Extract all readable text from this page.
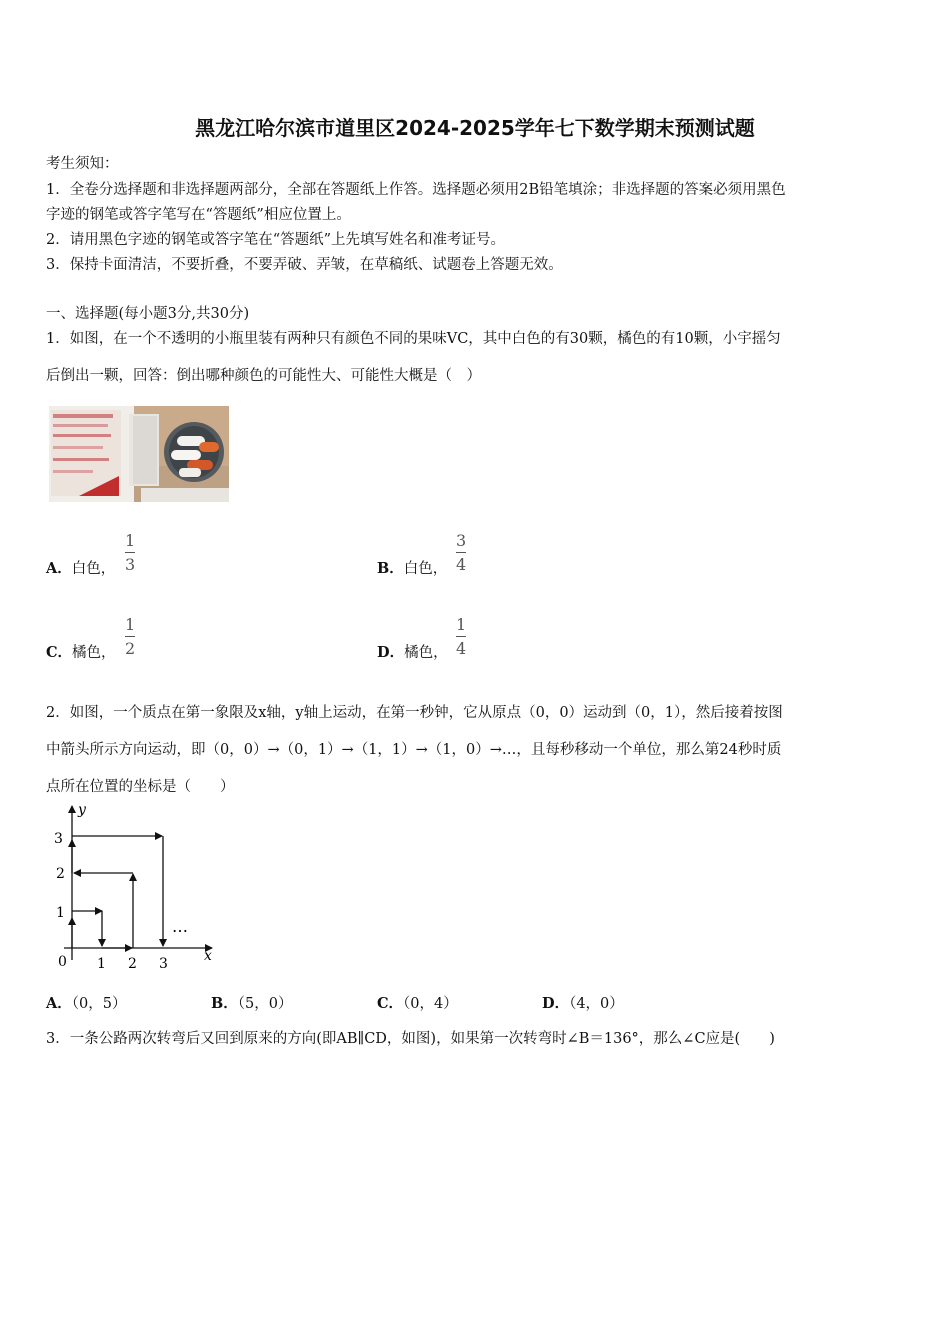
黑龙江哈尔滨市道里区2024-2025学年七下数学期末预测试题
考生须知：
1．全卷分选择题和非选择题两部分，全部在答题纸上作答。选择题必须用2B铅笔填涂；非选择题的答案必须用黑色
字迹的钢笔或答字笔写在“答题纸”相应位置上。
2．请用黑色字迹的钢笔或答字笔在“答题纸”上先填写姓名和准考证号。
3．保持卡面清洁，不要折叠，不要弄破、弄皱，在草稿纸、试题卷上答题无效。
一、选择题(每小题3分,共30分)
1．如图，在一个不透明的小瓶里装有两种只有颜色不同的果味VC，其中白色的有30颗，橘色的有10颗，小宇摇匀
后倒出一颗，回答：倒出哪种颜色的可能性大、可能性大概是（　）
A．白色，
1
3	B．白色，
3
4
C．橘色，
1
2	D．橘色，
1
4
2．如图，一个质点在第一象限及x轴，y轴上运动，在第一秒钟，它从原点（0，0）运动到（0，1），然后接着按图
中箭头所示方向运动，即（0，0）→（0，1）→（1，1）→（1，0）→…，且每秒移动一个单位，那么第24秒时质
点所在位置的坐标是（　　）
y
x
0 1 2 3
1
2
3
…
A．（0，5）	B．（5，0）	C．（0，4）	D．（4，0）
3．一条公路两次转弯后又回到原来的方向(即AB∥CD，如图)，如果第一次转弯时∠B＝136°，那么∠C应是(　　)
